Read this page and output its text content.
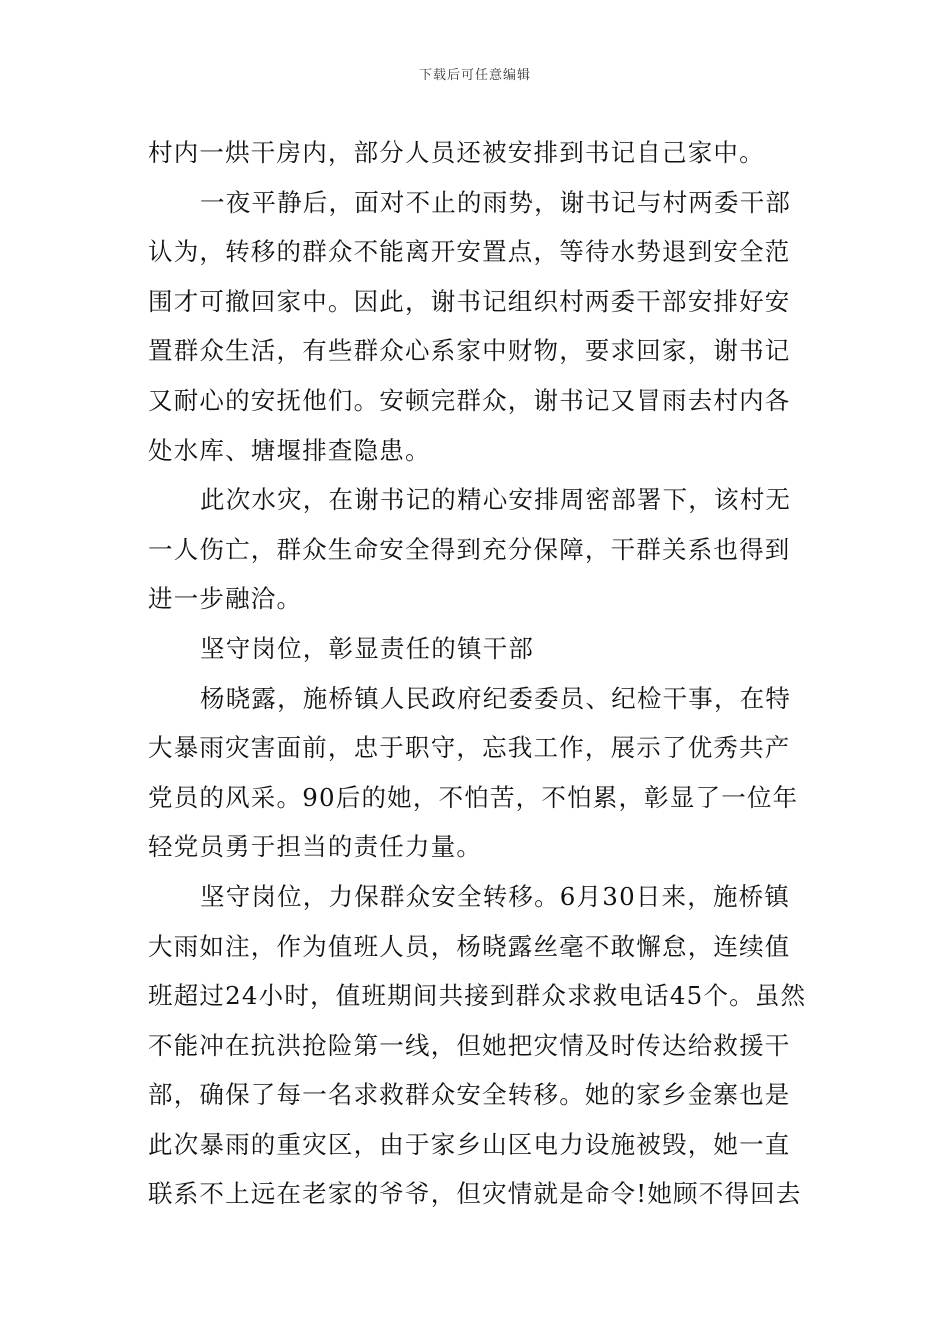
下载后可任意编辑
村内一烘干房内，部分人员还被安排到书记自己家中。
一夜平静后，面对不止的雨势，谢书记与村两委干部
认为，转移的群众不能离开安置点，等待水势退到安全范
围才可撤回家中。因此，谢书记组织村两委干部安排好安
置群众生活，有些群众心系家中财物，要求回家，谢书记
又耐心的安抚他们。安顿完群众，谢书记又冒雨去村内各
处水库、塘堰排查隐患。
此次水灾，在谢书记的精心安排周密部署下，该村无
一人伤亡，群众生命安全得到充分保障，干群关系也得到
进一步融洽。
坚守岗位，彰显责任的镇干部
杨晓露，施桥镇人民政府纪委委员、纪检干事，在特
大暴雨灾害面前，忠于职守，忘我工作，展示了优秀共产
党员的风采。90后的她，不怕苦，不怕累，彰显了一位年
轻党员勇于担当的责任力量。
坚守岗位，力保群众安全转移。6月30日来，施桥镇
大雨如注，作为值班人员，杨晓露丝毫不敢懈怠，连续值
班超过24小时，值班期间共接到群众求救电话45个。虽然
不能冲在抗洪抢险第一线，但她把灾情及时传达给救援干
部，确保了每一名求救群众安全转移。她的家乡金寨也是
此次暴雨的重灾区，由于家乡山区电力设施被毁，她一直
联系不上远在老家的爷爷，但灾情就是命令!她顾不得回去
